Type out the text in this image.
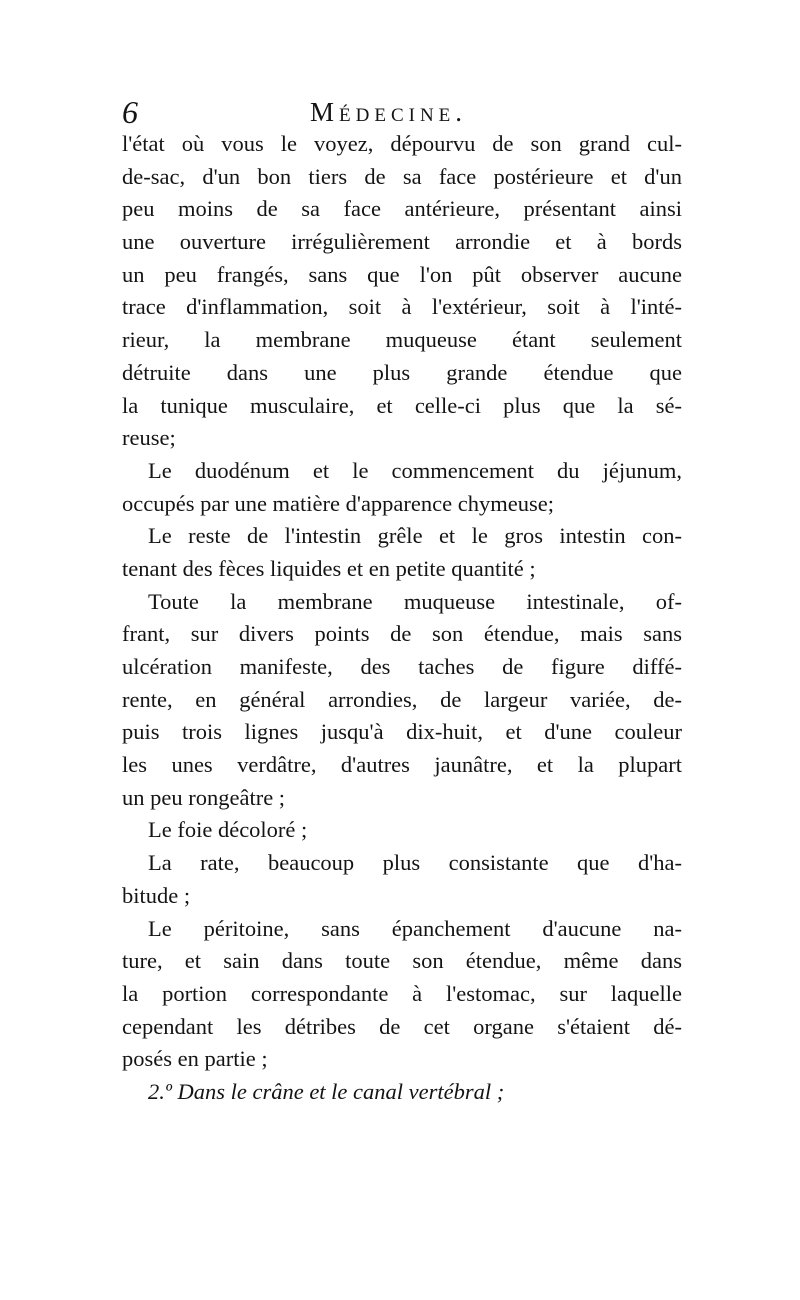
6	Médecine.
l'état où vous le voyez, dépourvu de son grand cul-
de-sac, d'un bon tiers de sa face postérieure et d'un
peu moins de sa face antérieure, présentant ainsi
une ouverture irrégulièrement arrondie et à bords
un peu frangés, sans que l'on pût observer aucune
trace d'inflammation, soit à l'extérieur, soit à l'inté-
rieur, la membrane muqueuse étant seulement
détruite dans une plus grande étendue que
la tunique musculaire, et celle-ci plus que la sé-
reuse;
Le duodénum et le commencement du jéjunum,
occupés par une matière d'apparence chymeuse;
Le reste de l'intestin grêle et le gros intestin con-
tenant des fèces liquides et en petite quantité ;
Toute la membrane muqueuse intestinale, of-
frant, sur divers points de son étendue, mais sans
ulcération manifeste, des taches de figure diffé-
rente, en général arrondies, de largeur variée, de-
puis trois lignes jusqu'à dix-huit, et d'une couleur
les unes verdâtre, d'autres jaunâtre, et la plupart
un peu rongeâtre ;
Le foie décoloré ;
La rate, beaucoup plus consistante que d'ha-
bitude ;
Le péritoine, sans épanchement d'aucune na-
ture, et sain dans toute son étendue, même dans
la portion correspondante à l'estomac, sur laquelle
cependant les détribes de cet organe s'étaient dé-
posés en partie ;
2.º Dans le crâne et le canal vertébral ;
